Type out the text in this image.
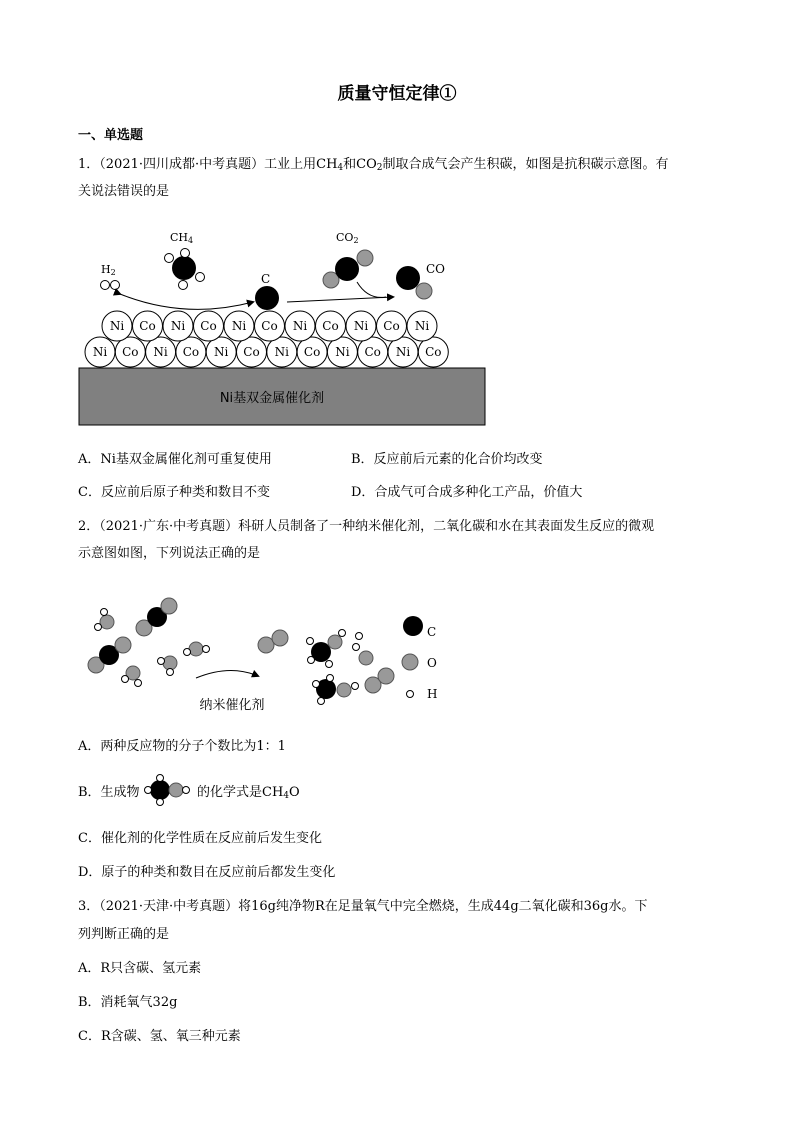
质量守恒定律①
一、单选题
1．（2021·四川成都·中考真题）工业上用$CH_4$和$CO_2$制取合成气会产生积碳，如图是抗积碳示意图。有
关说法错误的是
Ni基双金属催化剂
Ni Co Ni Co Ni Co Ni Co Ni Co Ni Co
Ni Co Ni Co Ni Co Ni Co Ni Co Ni
H2
CH4
C
CO2
CO
纳米催化剂
C
O
H
A．Ni基双金属催化剂可重复使用	B．反应前后元素的化合价均改变
C．反应前后原子种类和数目不变	D．合成气可合成多种化工产品，价值大
2．（2021·广东·中考真题）科研人员制备了一种纳米催化剂，二氧化碳和水在其表面发生反应的微观
示意图如图，下列说法正确的是
A．两种反应物的分子个数比为1：1
B．生成物	的化学式是$CH_4O$
C．催化剂的化学性质在反应前后发生变化
D．原子的种类和数目在反应前后都发生变化
3．（2021·天津·中考真题）将16g纯净物R在足量氧气中完全燃烧，生成44g二氧化碳和36g水。下
列判断正确的是
A．R只含碳、氢元素
B．消耗氧气32g
C．R含碳、氢、氧三种元素
